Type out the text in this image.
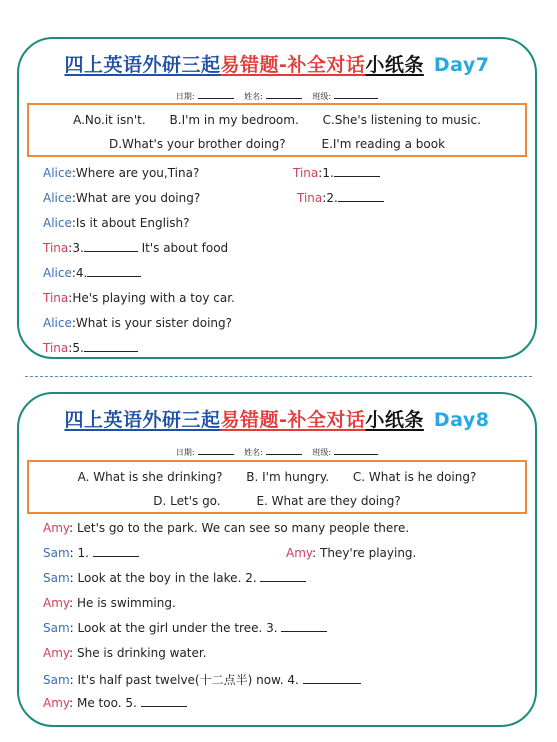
四上英语外研三起易错题-补全对话小纸条 Day7
日期:	姓名:	班级:
A.No.it isn't. B.I'm in my bedroom. C.She's listening to music.
D.What's your brother doing?	E.I'm reading a book
Alice:Where are you,Tina?	Tina:1.
Alice:What are you doing?	Tina:2.
Alice:Is it about English?
Tina:3.	It's about food
Alice:4.
Tina:He's playing with a toy car.
Alice:What is your sister doing?
Tina:5.
四上英语外研三起易错题-补全对话小纸条 Day8
日期:	姓名:	班级:
A. What is she drinking? B. I'm hungry. C. What is he doing?
D. Let's go.	E. What are they doing?
Amy: Let's go to the park. We can see so many people there.
Sam: 1.	Amy: They're playing.
Sam: Look at the boy in the lake. 2.
Amy: He is swimming.
Sam: Look at the girl under the tree. 3.
Amy: She is drinking water.
Sam: It's half past twelve(十二点半) now. 4.
Amy: Me too. 5.
